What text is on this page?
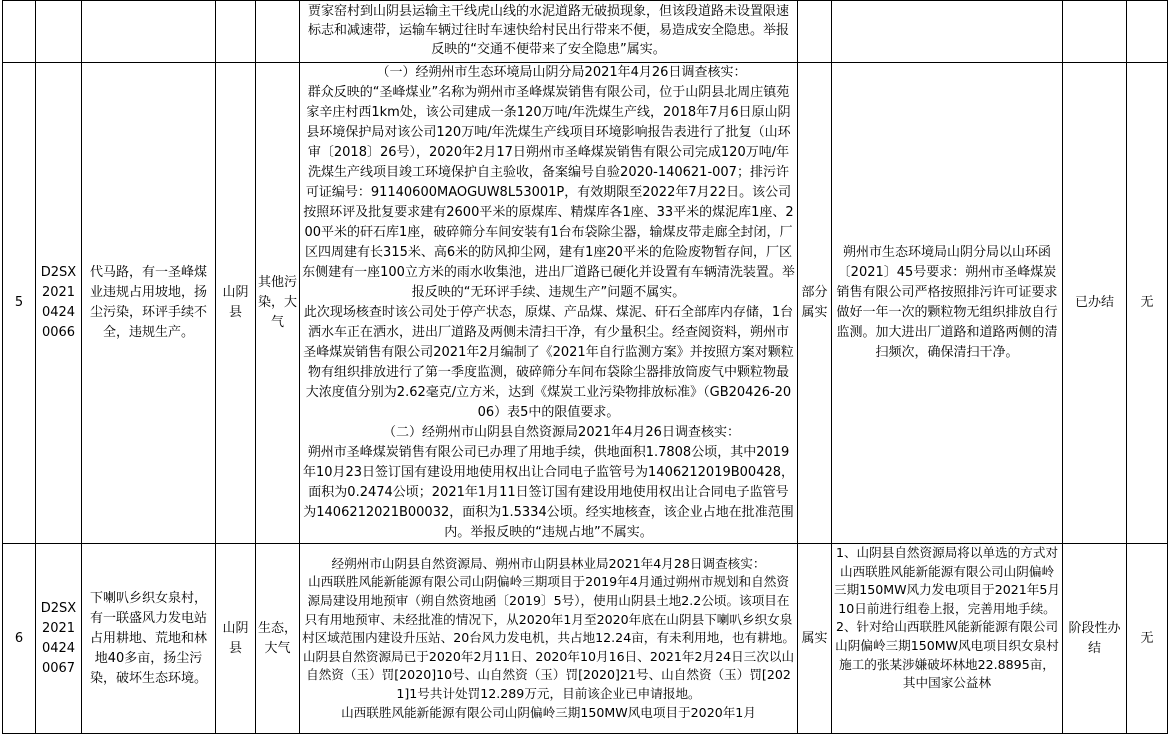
					贾家窑村到山阴县运输主干线虎山线的水泥道路无破损现象，但该段道路未设置限速标志和减速带，运输车辆过往时车速快给村民出行带来不便，易造成安全隐患。举报反映的“交通不便带来了安全隐患”属实。				

5	D2SX202104240066	代马路，有一圣峰煤业违规占用坡地，扬尘污染，环评手续不全，违规生产。	山阴县	其他污染，大气	（一）经朔州市生态环境局山阴分局2021年4月26日调查核实：
群众反映的“圣峰煤业”名称为朔州市圣峰煤炭销售有限公司，位于山阴县北周庄镇苑家辛庄村西1km处，该公司建成一条120万吨/年洗煤生产线，2018年7月6日原山阴县环境保护局对该公司120万吨/年洗煤生产线项目环境影响报告表进行了批复（山环审〔2018〕26号），2020年2月17日朔州市圣峰煤炭销售有限公司完成120万吨/年洗煤生产线项目竣工环境保护自主验收，备案编号自验2020-140621-007；排污许可证编号：91140600MAOGUW8L53001P，有效期限至2022年7月22日。该公司按照环评及批复要求建有2600平米的原煤库、精煤库各1座、33平米的煤泥库1座、200平米的矸石库1座，破碎筛分车间安装有1台布袋除尘器，输煤皮带走廊全封闭，厂区四周建有长315米、高6米的防风抑尘网，建有1座20平米的危险废物暂存间，厂区东侧建有一座100立方米的雨水收集池，进出厂道路已硬化并设置有车辆清洗装置。举报反映的“无环评手续、违规生产”问题不属实。
此次现场核查时该公司处于停产状态，原煤、产品煤、煤泥、矸石全部库内存储，1台洒水车正在洒水，进出厂道路及两侧未清扫干净，有少量积尘。经查阅资料，朔州市圣峰煤炭销售有限公司2021年2月编制了《2021年自行监测方案》并按照方案对颗粒物有组织排放进行了第一季度监测，破碎筛分车间布袋除尘器排放筒废气中颗粒物最大浓度值分别为2.62毫克/立方米，达到《煤炭工业污染物排放标准》（GB20426-2006）表5中的限值要求。
（二）经朔州市山阴县自然资源局2021年4月26日调查核实：
朔州市圣峰煤炭销售有限公司已办理了用地手续，供地面积1.7808公顷，其中2019年10月23日签订国有建设用地使用权出让合同电子监管号为1406212019B00428，面积为0.2474公顷；2021年1月11日签订国有建设用地使用权出让合同电子监管号为1406212021B00032，面积为1.5334公顷。经实地核查，该企业占地在批准范围内。举报反映的“违规占地”不属实。	部分属实	朔州市生态环境局山阴分局以山环函〔2021〕45号要求：朔州市圣峰煤炭销售有限公司严格按照排污许可证要求做好一年一次的颗粒物无组织排放自行监测。加大进出厂道路和道路两侧的清扫频次，确保清扫干净。	已办结	无
6	D2SX202104240067	下喇叭乡织女泉村，有一联盛风力发电站占用耕地、荒地和林地40多亩，扬尘污染，破坏生态环境。	山阴县	生态，大气	经朔州市山阴县自然资源局、朔州市山阴县林业局2021年4月28日调查核实：
山西联胜风能新能源有限公司山阴偏岭三期项目于2019年4月通过朔州市规划和自然资源局建设用地预审（朔自然资地函〔2019〕5号），使用山阴县土地2.2公顷。该项目在只有用地预审、未经批准的情况下，从2020年1月至2020年底在山阴县下喇叭乡织女泉村区域范围内建设升压站、20台风力发电机，共占地12.24亩，有未利用地，也有耕地。山阴县自然资源局已于2020年2月11日、2020年10月16日、2021年2月24日三次以山自然资（玉）罚[2020]10号、山自然资（玉）罚[2020]21号、山自然资（玉）罚[2021]1号共计处罚12.289万元，目前该企业已申请报地。
山西联胜风能新能源有限公司山阴偏岭三期150MW风电项目于2020年1月	属实	1、山阴县自然资源局将以单选的方式对山西联胜风能新能源有限公司山阴偏岭三期150MW风力发电项目于2021年5月10日前进行组卷上报，完善用地手续。
2、针对给山西联胜风能新能源有限公司山阴偏岭三期150MW风电项目织女泉村施工的张某涉嫌破坏林地22.8895亩，其中国家公益林	阶段性办结	无
